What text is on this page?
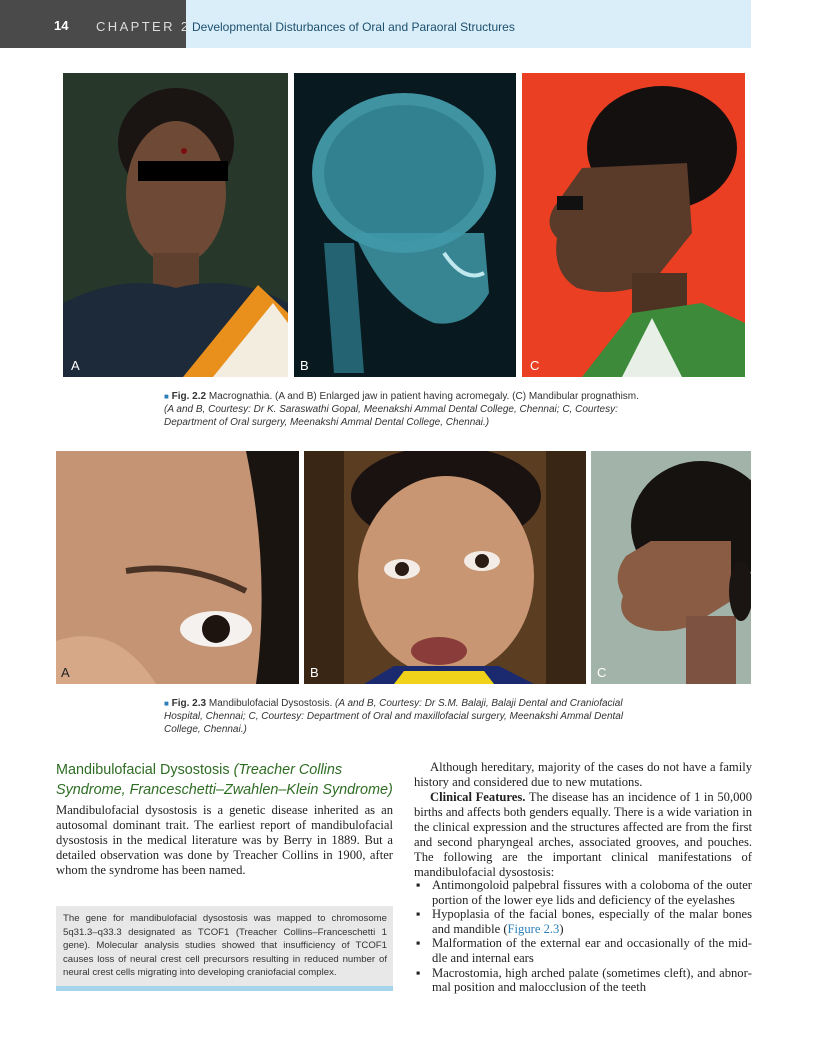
14 CHAPTER 2 Developmental Disturbances of Oral and Paraoral Structures
A	B	C
■ Fig. 2.2 Macrognathia. (A and B) Enlarged jaw in patient having acromegaly. (C) Mandibular prognathism. (A and B, Courtesy: Dr K. Saraswathi Gopal, Meenakshi Ammal Dental College, Chennai; C, Courtesy: Department of Oral surgery, Meenakshi Ammal Dental College, Chennai.)
A	B	C
■ Fig. 2.3 Mandibulofacial Dysostosis. (A and B, Courtesy: Dr S.M. Balaji, Balaji Dental and Craniofacial Hospital, Chennai; C, Courtesy: Department of Oral and maxillofacial surgery, Meenakshi Ammal Dental College, Chennai.)
Mandibulofacial Dysostosis (Treacher Collins Syndrome, Franceschetti–Zwahlen–Klein Syndrome)
Mandibulofacial dysostosis is a genetic disease inherited as an autosomal dominant trait. The earliest report of mandibulofacial dysostosis in the medical literature was by Berry in 1889. But a detailed observation was done by Treacher Collins in 1900, after whom the syndrome has been named.
The gene for mandibulofacial dysostosis was mapped to chromosome 5q31.3–q33.3 designated as TCOF1 (Treacher Collins–Franceschetti 1 gene). Molecular analysis studies showed that insufficiency of TCOF1 causes loss of neural crest cell precursors resulting in reduced number of neural crest cells migrating into developing craniofacial complex.
Although hereditary, majority of the cases do not have a family history and considered due to new mutations.
Clinical Features. The disease has an incidence of 1 in 50,000 births and affects both genders equally. There is a wide variation in the clinical expression and the structures affected are from the first and second pharyngeal arches, associated grooves, and pouches. The following are the important clinical manifestations of mandibulofacial dysostosis:
▪ Antimongoloid palpebral fissures with a coloboma of the outer portion of the lower eye lids and deficiency of the eyelashes
▪ Hypoplasia of the facial bones, especially of the malar bones and mandible (Figure 2.3)
▪ Malformation of the external ear and occasionally of the middle and internal ears
▪ Macrostomia, high arched palate (sometimes cleft), and abnormal position and malocclusion of the teeth
